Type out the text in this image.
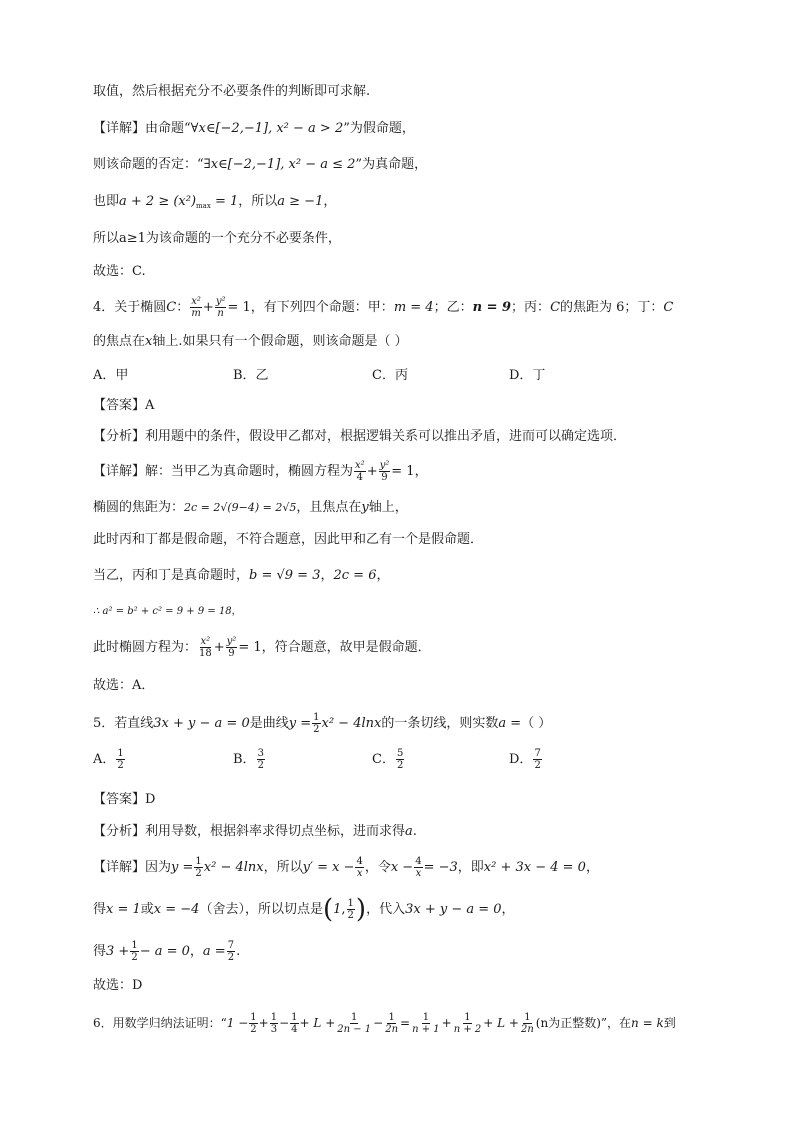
取值，然后根据充分不必要条件的判断即可求解.
【详解】由命题“∀x∈[−2,−1], x² − a > 2”为假命题，
则该命题的否定：“∃x∈[−2,−1], x² − a ≤ 2”为真命题，
也即$a + 2 \ge (x^2)_{max} = 1$，所以a ≥ −1，
所以a≥1为该命题的一个充分不必要条件，
故选：C.
4．关于椭圆C： $\frac{\text{x²}}{m} + \frac{\text{y²}}{n} = 1$，有下列四个命题：甲：m = 4；乙：n = 9；丙：C的焦距为 6；丁：C
的焦点在x轴上.如果只有一个假命题，则该命题是（ ）
A．甲	B．乙	C．丙	D．丁
【答案】A
【分析】利用题中的条件，假设甲乙都对，根据逻辑关系可以推出矛盾，进而可以确定选项．
【详解】解：当甲乙为真命题时，椭圆方程为 $\frac{\text{x²}}{4} + \frac{\text{y²}}{9} = 1$，
椭圆的焦距为：2c = 2√(9−4) = 2√5，且焦点在y轴上，
此时丙和丁都是假命题，不符合题意，因此甲和乙有一个是假命题．
当乙，丙和丁是真命题时，b = √9 = 3，2c = 6，
∴ a² = b² + c² = 9 + 9 = 18，
此时椭圆方程为： $\frac{\text{x²}}{18} + \frac{\text{y²}}{9} = 1$，符合题意，故甲是假命题．
故选：A．
5．若直线3x + y − a = 0是曲线$y = \frac{1}{2} x^2 - 4\ln x$的一条切线，则实数a =（ ）
A． $\frac{1}{2}$	B． $\frac{3}{2}$	C． $\frac{5}{2}$	D． $\frac{7}{2}$
【答案】D
【分析】利用导数，根据斜率求得切点坐标，进而求得a.
【详解】因为$y = \frac{1}{2} x^2 - 4\ln x$，所以$y' = x - \frac{4}{x}$ ，令$x - \frac{4}{x} = -3$，即x² + 3x − 4 = 0，
得x = 1或x = −4（舍去），所以切点是(1, $\frac{1}{2}$ )，代入3x + y − a = 0，
得$3 + \frac{1}{2} - a = 0$，$a = \frac{7}{2}$ .
故选：D
6．用数学归纳法证明：“$1 - \frac{1}{2} + \frac{1}{3} - \frac{1}{4} + L + \frac{1}{2n - 1} - \frac{1}{2n} = \frac{1}{n + 1} + \frac{1}{n + 2} + L + \frac{1}{2n} (n$为正整数)”，在n = k到
